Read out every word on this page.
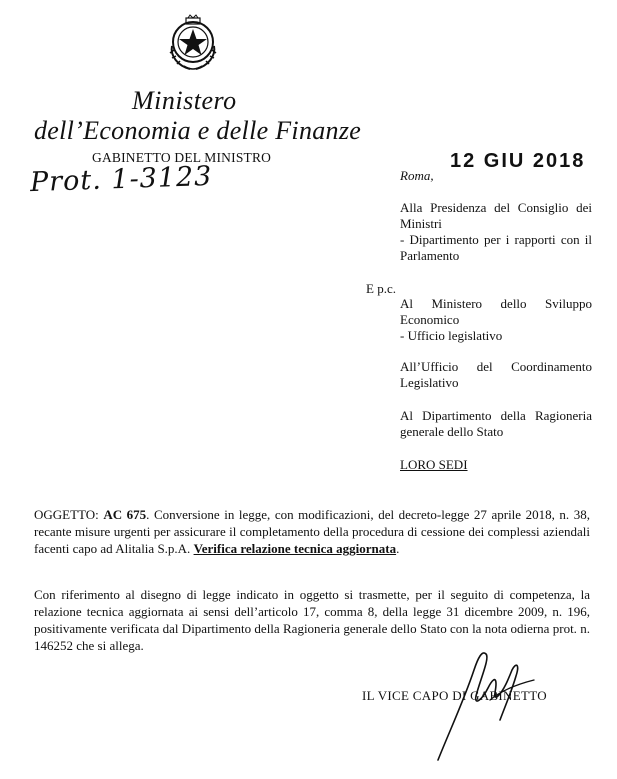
Ministero
dell’Economia e delle Finanze
GABINETTO DEL MINISTRO
Prot. 1-3123	Roma,
12 GIU 2018
Alla Presidenza del Consiglio dei Ministri
- Dipartimento per i rapporti con il Parlamento
E p.c.
Al Ministero dello Sviluppo Economico
- Ufficio legislativo
All’Ufficio del Coordinamento Legislativo
Al Dipartimento della Ragioneria generale dello Stato
LORO SEDI
OGGETTO: AC 675. Conversione in legge, con modificazioni, del decreto-legge 27 aprile 2018, n. 38, recante misure urgenti per assicurare il completamento della procedura di cessione dei complessi aziendali facenti capo ad Alitalia S.p.A. Verifica relazione tecnica aggiornata.
Con riferimento al disegno di legge indicato in oggetto si trasmette, per il seguito di competenza, la relazione tecnica aggiornata ai sensi dell’articolo 17, comma 8, della legge 31 dicembre 2009, n. 196, positivamente verificata dal Dipartimento della Ragioneria generale dello Stato con la nota odierna prot. n. 146252 che si allega.
IL VICE CAPO DI GABINETTO
